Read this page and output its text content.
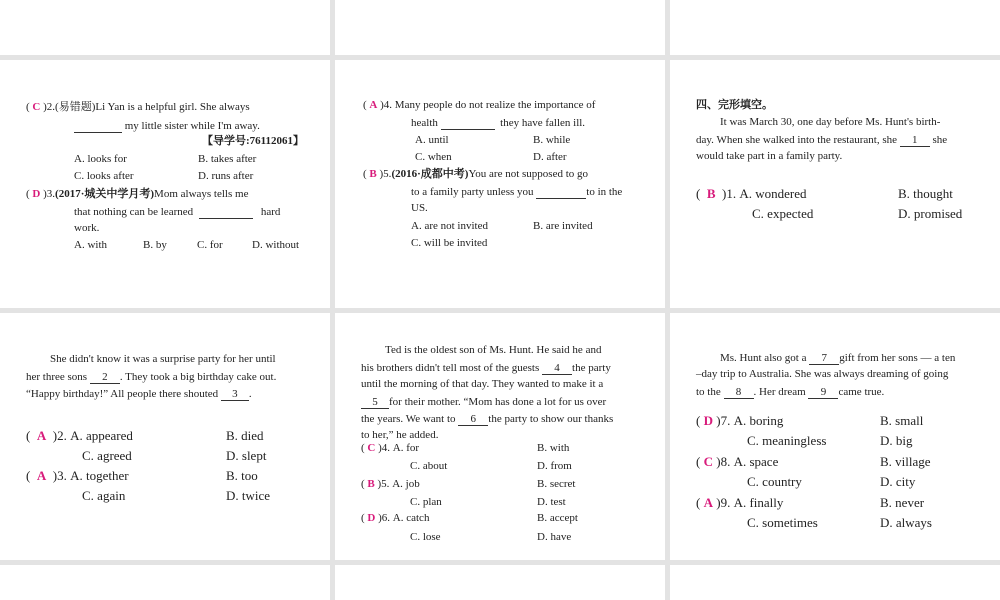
( C )2.(易错题)Li Yan is a helpful girl. She always
my little sister while I'm away.
【导学号:76112061】
A. looks for	B. takes after
C. looks after	D. runs after
( D )3.(2017·城关中学月考)Mom always tells me
that nothing can be learned	hard
work.
A. with	B. by	C. for	D. without
( A )4. Many people do not realize the importance of
health	they have fallen ill.
A. until	B. while
C. when	D. after
( B )5.(2016·成都中考)You are not supposed to go
to a family party unless you	to in the
US.
A. are not invited	B. are invited
C. will be invited
四、完形填空。
It was March 30, one day before Ms. Hunt's birth-
day. When she walked into the restaurant, she 1 she
would take part in a family party.
( B )1. A. wondered	B. thought
C. expected	D. promised
She didn't know it was a surprise party for her until
her three sons 2 . They took a big birthday cake out.
“Happy birthday!” All people there shouted 3 .
( A )2. A. appeared	B. died
C. agreed	D. slept
( A )3. A. together	B. too
C. again	D. twice
Ted is the oldest son of Ms. Hunt. He said he and
his brothers didn't tell most of the guests 4 the party
until the morning of that day. They wanted to make it a
5 for their mother. “Mom has done a lot for us over
the years. We want to 6 the party to show our thanks
to her,” he added.
( C )4. A. for	B. with
C. about	D. from
( B )5. A. job	B. secret
C. plan	D. test
( D )6. A. catch	B. accept
C. lose	D. have
Ms. Hunt also got a 7 gift from her sons — a ten
–day trip to Australia. She was always dreaming of going
to the 8 . Her dream 9 came true.
( D )7. A. boring	B. small
C. meaningless	D. big
( C )8. A. space	B. village
C. country	D. city
( A )9. A. finally	B. never
C. sometimes	D. always
